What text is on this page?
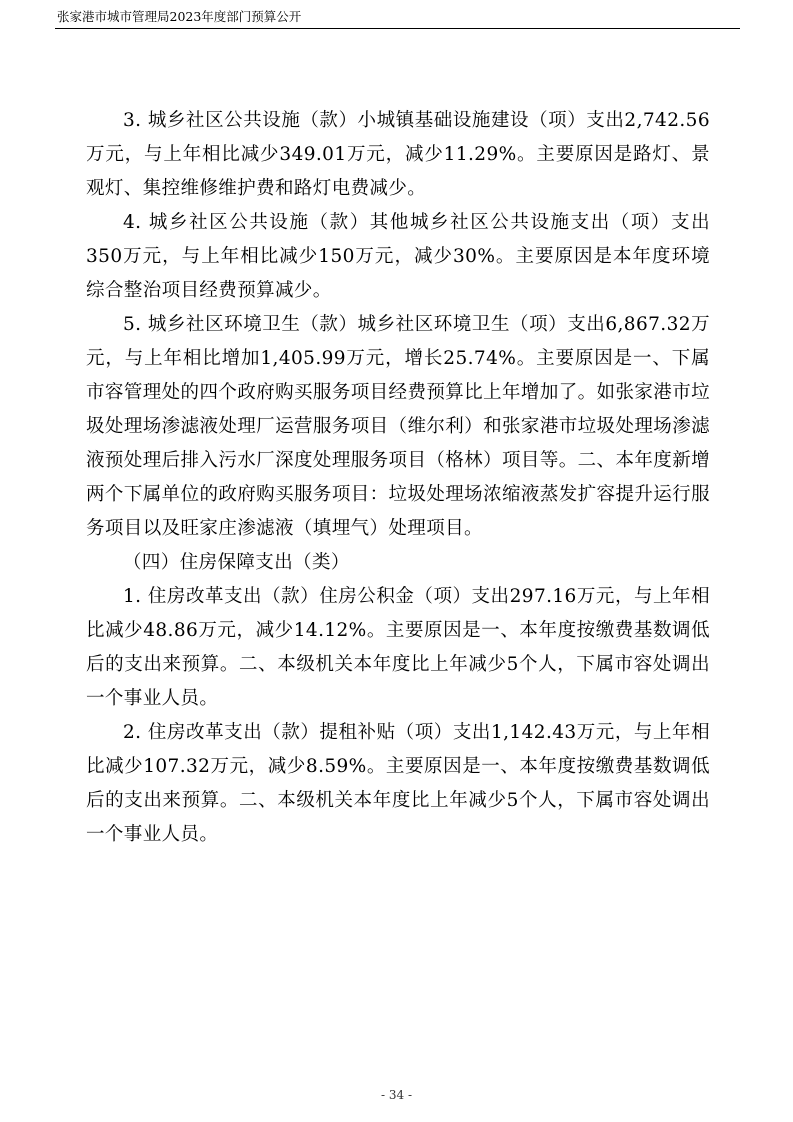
张家港市城市管理局2023年度部门预算公开

3. 城乡社区公共设施（款）小城镇基础设施建设（项）支出2,742.56万元，与上年相比减少349.01万元，减少11.29%。主要原因是路灯、景观灯、集控维修维护费和路灯电费减少。

4. 城乡社区公共设施（款）其他城乡社区公共设施支出（项）支出350万元，与上年相比减少150万元，减少30%。主要原因是本年度环境综合整治项目经费预算减少。

5. 城乡社区环境卫生（款）城乡社区环境卫生（项）支出6,867.32万元，与上年相比增加1,405.99万元，增长25.74%。主要原因是一、下属市容管理处的四个政府购买服务项目经费预算比上年增加了。如张家港市垃圾处理场渗滤液处理厂运营服务项目（维尔利）和张家港市垃圾处理场渗滤液预处理后排入污水厂深度处理服务项目（格林）项目等。二、本年度新增两个下属单位的政府购买服务项目：垃圾处理场浓缩液蒸发扩容提升运行服务项目以及旺家庄渗滤液（填埋气）处理项目。

（四）住房保障支出（类）

1. 住房改革支出（款）住房公积金（项）支出297.16万元，与上年相比减少48.86万元，减少14.12%。主要原因是一、本年度按缴费基数调低后的支出来预算。二、本级机关本年度比上年减少5个人，下属市容处调出一个事业人员。

2. 住房改革支出（款）提租补贴（项）支出1,142.43万元，与上年相比减少107.32万元，减少8.59%。主要原因是一、本年度按缴费基数调低后的支出来预算。二、本级机关本年度比上年减少5个人，下属市容处调出一个事业人员。

- 34 -
